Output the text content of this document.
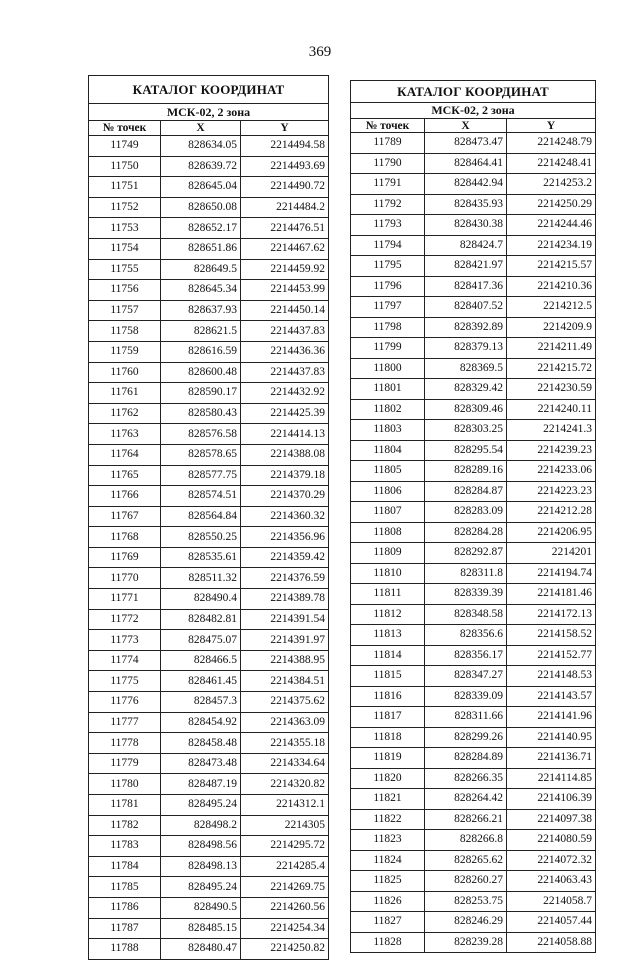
369
КАТАЛОГ КООРДИНАТ		
МСК-02, 2 зона		
№ точек	X	Y
11749	828634.05	2214494.58
11750	828639.72	2214493.69
11751	828645.04	2214490.72
11752	828650.08	2214484.2
11753	828652.17	2214476.51
11754	828651.86	2214467.62
11755	828649.5	2214459.92
11756	828645.34	2214453.99
11757	828637.93	2214450.14
11758	828621.5	2214437.83
11759	828616.59	2214436.36
11760	828600.48	2214437.83
11761	828590.17	2214432.92
11762	828580.43	2214425.39
11763	828576.58	2214414.13
11764	828578.65	2214388.08
11765	828577.75	2214379.18
11766	828574.51	2214370.29
11767	828564.84	2214360.32
11768	828550.25	2214356.96
11769	828535.61	2214359.42
11770	828511.32	2214376.59
11771	828490.4	2214389.78
11772	828482.81	2214391.54
11773	828475.07	2214391.97
11774	828466.5	2214388.95
11775	828461.45	2214384.51
11776	828457.3	2214375.62
11777	828454.92	2214363.09
11778	828458.48	2214355.18
11779	828473.48	2214334.64
11780	828487.19	2214320.82
11781	828495.24	2214312.1
11782	828498.2	2214305
11783	828498.56	2214295.72
11784	828498.13	2214285.4
11785	828495.24	2214269.75
11786	828490.5	2214260.56
11787	828485.15	2214254.34
11788	828480.47	2214250.82
КАТАЛОГ КООРДИНАТ		
МСК-02, 2 зона		
№ точек	X	Y
11789	828473.47	2214248.79
11790	828464.41	2214248.41
11791	828442.94	2214253.2
11792	828435.93	2214250.29
11793	828430.38	2214244.46
11794	828424.7	2214234.19
11795	828421.97	2214215.57
11796	828417.36	2214210.36
11797	828407.52	2214212.5
11798	828392.89	2214209.9
11799	828379.13	2214211.49
11800	828369.5	2214215.72
11801	828329.42	2214230.59
11802	828309.46	2214240.11
11803	828303.25	2214241.3
11804	828295.54	2214239.23
11805	828289.16	2214233.06
11806	828284.87	2214223.23
11807	828283.09	2214212.28
11808	828284.28	2214206.95
11809	828292.87	2214201
11810	828311.8	2214194.74
11811	828339.39	2214181.46
11812	828348.58	2214172.13
11813	828356.6	2214158.52
11814	828356.17	2214152.77
11815	828347.27	2214148.53
11816	828339.09	2214143.57
11817	828311.66	2214141.96
11818	828299.26	2214140.95
11819	828284.89	2214136.71
11820	828266.35	2214114.85
11821	828264.42	2214106.39
11822	828266.21	2214097.38
11823	828266.8	2214080.59
11824	828265.62	2214072.32
11825	828260.27	2214063.43
11826	828253.75	2214058.7
11827	828246.29	2214057.44
11828	828239.28	2214058.88
